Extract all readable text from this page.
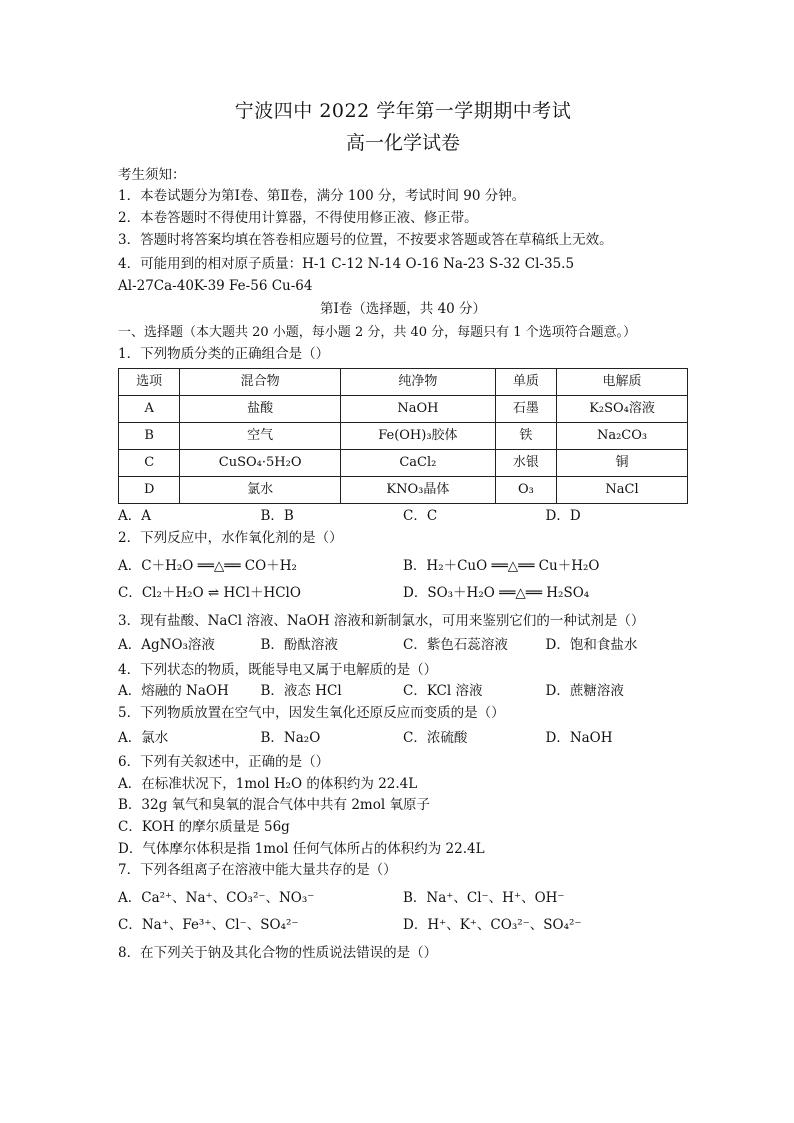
宁波四中 2022 学年第一学期期中考试

高一化学试卷

考生须知：

1．本卷试题分为第Ⅰ卷、第Ⅱ卷，满分 100 分，考试时间 90 分钟。

2．本卷答题时不得使用计算器，不得使用修正液、修正带。

3．答题时将答案均填在答卷相应题号的位置，不按要求答题或答在草稿纸上无效。

4．可能用到的相对原子质量：H-1 C-12 N-14 O-16 Na-23 S-32 Cl-35.5

Al-27Ca-40K-39 Fe-56 Cu-64

第Ⅰ卷（选择题，共 40 分）

一、选择题（本大题共 20 小题，每小题 2 分，共 40 分，每题只有 1 个选项符合题意。）

1．下列物质分类的正确组合是（）

选项	混合物	纯净物	单质	电解质
A	盐酸	NaOH	石墨	K₂SO₄溶液
B	空气	Fe(OH)₃胶体	铁	Na₂CO₃
C	CuSO₄·5H₂O	CaCl₂	水银	铜
D	氯水	KNO₃晶体	O₃	NaCl
A．A	B．B	C．C	D．D

2．下列反应中，水作氧化剂的是（）

A．C＋H₂O ══△══ CO＋H₂	B．H₂＋CuO ══△══ Cu＋H₂O
C．Cl₂＋H₂O ⇌ HCl＋HClO	D．SO₃＋H₂O ══△══ H₂SO₄

3．现有盐酸、NaCl 溶液、NaOH 溶液和新制氯水，可用来鉴别它们的一种试剂是（）

A．AgNO₃溶液	B．酚酞溶液	C．紫色石蕊溶液	D．饱和食盐水

4．下列状态的物质，既能导电又属于电解质的是（）

A．熔融的 NaOH	B．液态 HCl	C．KCl 溶液	D．蔗糖溶液

5．下列物质放置在空气中，因发生氧化还原反应而变质的是（）

A．氯水	B．Na₂O	C．浓硫酸	D．NaOH

6．下列有关叙述中，正确的是（）

A．在标准状况下，1mol H₂O 的体积约为 22.4L

B．32g 氧气和臭氧的混合气体中共有 2mol 氧原子

C．KOH 的摩尔质量是 56g

D．气体摩尔体积是指 1mol 任何气体所占的体积约为 22.4L

7．下列各组离子在溶液中能大量共存的是（）

A．Ca²⁺、Na⁺、CO₃²⁻、NO₃⁻	B．Na⁺、Cl⁻、H⁺、OH⁻
C．Na⁺、Fe³⁺、Cl⁻、SO₄²⁻	D．H⁺、K⁺、CO₃²⁻、SO₄²⁻

8．在下列关于钠及其化合物的性质说法错误的是（）
